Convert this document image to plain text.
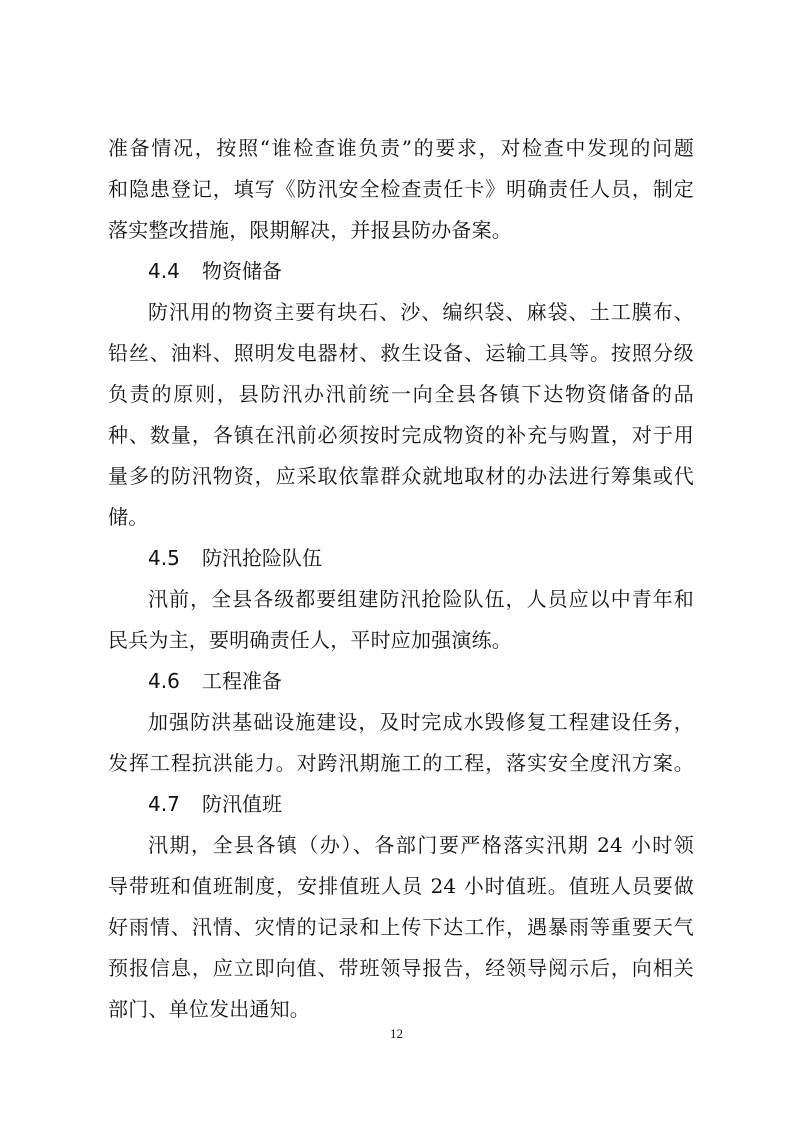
准备情况，按照“谁检查谁负责”的要求，对检查中发现的问题
和隐患登记，填写《防汛安全检查责任卡》明确责任人员，制定
落实整改措施，限期解决，并报县防办备案。
4.4 物资储备
防汛用的物资主要有块石、沙、编织袋、麻袋、土工膜布、
铅丝、油料、照明发电器材、救生设备、运输工具等。按照分级
负责的原则，县防汛办汛前统一向全县各镇下达物资储备的品
种、数量，各镇在汛前必须按时完成物资的补充与购置，对于用
量多的防汛物资，应采取依靠群众就地取材的办法进行筹集或代
储。
4.5 防汛抢险队伍
汛前，全县各级都要组建防汛抢险队伍，人员应以中青年和
民兵为主，要明确责任人，平时应加强演练。
4.6 工程准备
加强防洪基础设施建设，及时完成水毁修复工程建设任务，
发挥工程抗洪能力。对跨汛期施工的工程，落实安全度汛方案。
4.7 防汛值班
汛期，全县各镇（办）、各部门要严格落实汛期 24 小时领
导带班和值班制度，安排值班人员 24 小时值班。值班人员要做
好雨情、汛情、灾情的记录和上传下达工作，遇暴雨等重要天气
预报信息，应立即向值、带班领导报告，经领导阅示后，向相关
部门、单位发出通知。
12
